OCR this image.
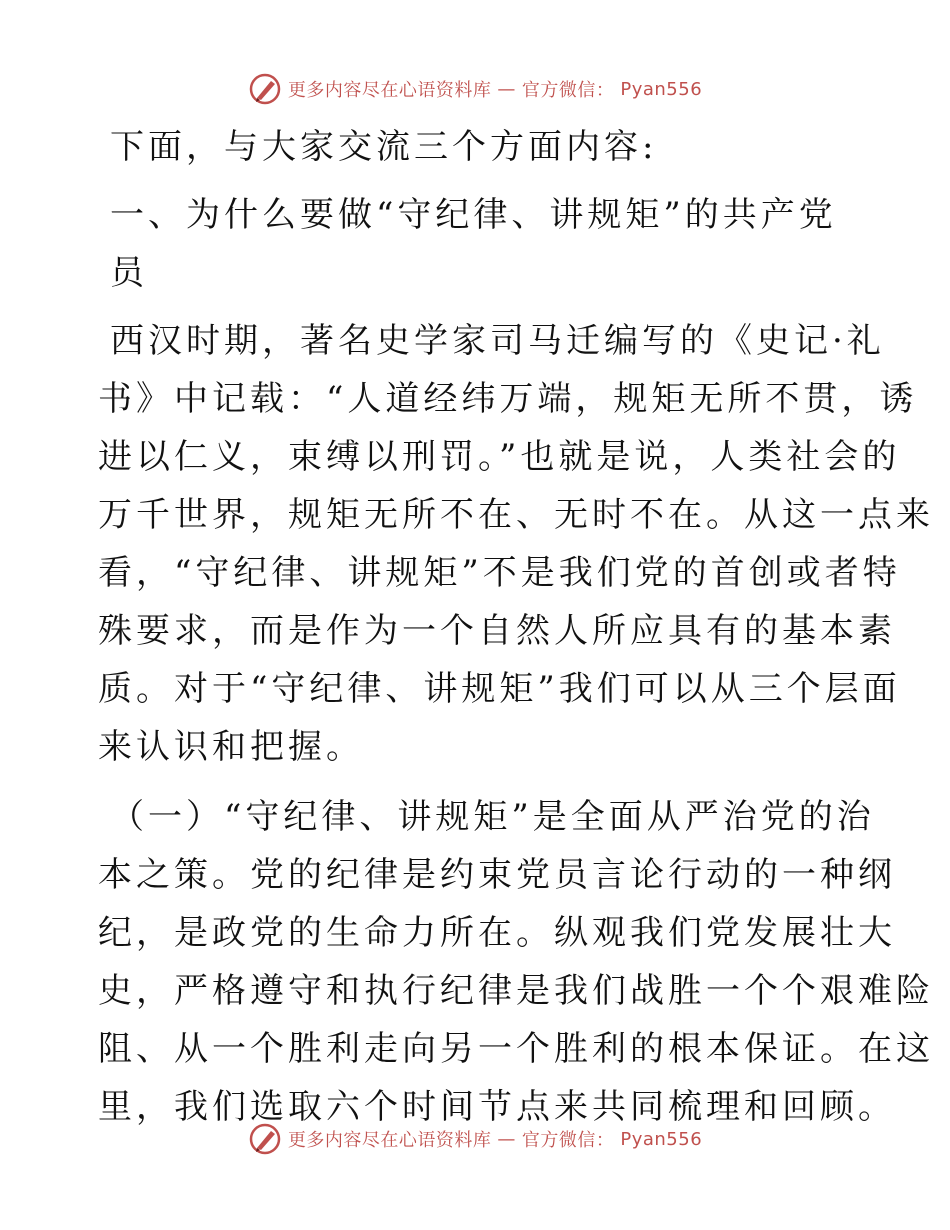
更多内容尽在心语资料库 — 官方微信： Pyan556

下面，与大家交流三个方面内容:

一、为什么要做“守纪律、讲规矩”的共产党员

西汉时期，著名史学家司马迁编写的《史记·礼
书》中记载：“人道经纬万端，规矩无所不贯，诱
进以仁义，束缚以刑罚。”也就是说，人类社会的
万千世界，规矩无所不在、无时不在。从这一点来
看，“守纪律、讲规矩”不是我们党的首创或者特
殊要求，而是作为一个自然人所应具有的基本素
质。对于“守纪律、讲规矩”我们可以从三个层面
来认识和把握。

（一）“守纪律、讲规矩”是全面从严治党的治
本之策。党的纪律是约束党员言论行动的一种纲
纪，是政党的生命力所在。纵观我们党发展壮大
史，严格遵守和执行纪律是我们战胜一个个艰难险
阻、从一个胜利走向另一个胜利的根本保证。在这
里，我们选取六个时间节点来共同梳理和回顾。

更多内容尽在心语资料库 — 官方微信： Pyan556
